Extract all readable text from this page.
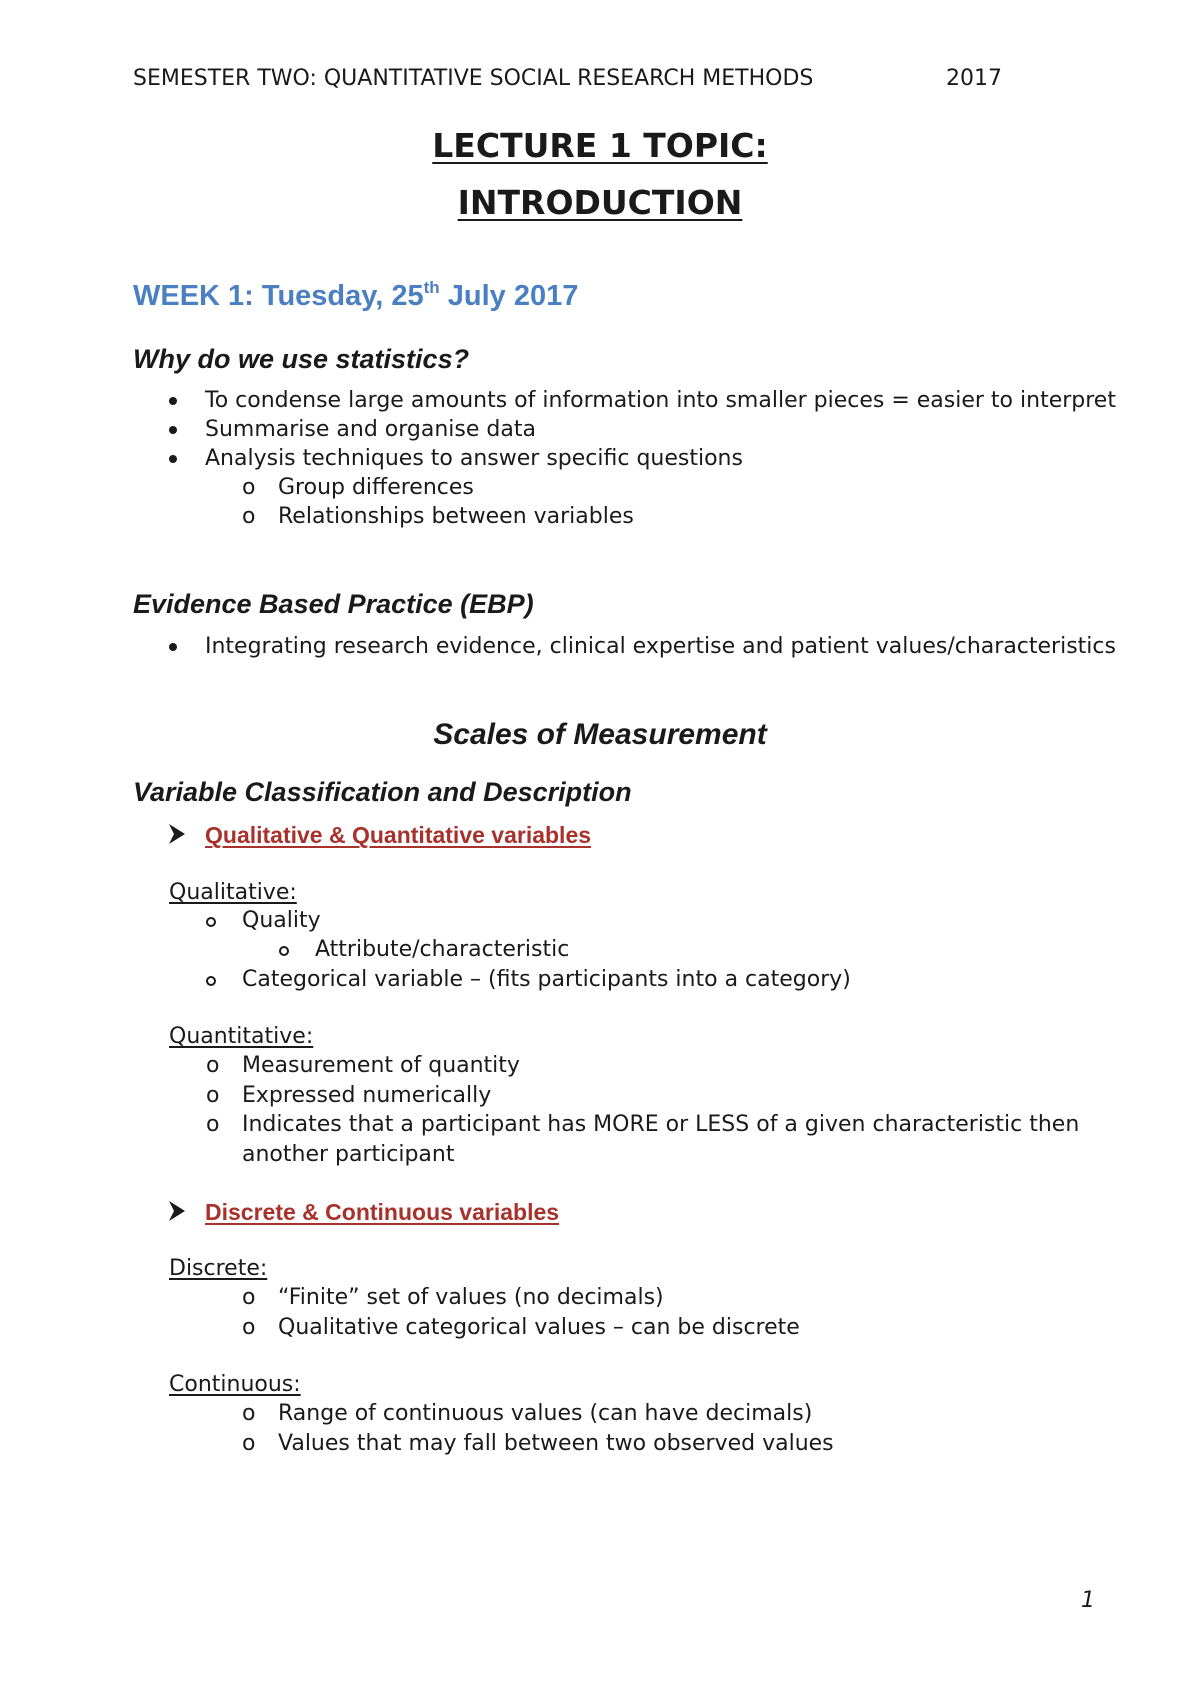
SEMESTER TWO: QUANTITATIVE SOCIAL RESEARCH METHODS	2017
LECTURE 1 TOPIC:
INTRODUCTION
WEEK 1: Tuesday, 25th July 2017
Why do we use statistics?
To condense large amounts of information into smaller pieces = easier to interpret
Summarise and organise data
Analysis techniques to answer specific questions
o Group differences
o Relationships between variables
Evidence Based Practice (EBP)
Integrating research evidence, clinical expertise and patient values/characteristics
Scales of Measurement
Variable Classification and Description
Qualitative & Quantitative variables
Qualitative:
Quality
Attribute/characteristic
Categorical variable – (fits participants into a category)
Quantitative:
o Measurement of quantity
o Expressed numerically
o Indicates that a participant has MORE or LESS of a given characteristic then
another participant
Discrete & Continuous variables
Discrete:
o “Finite” set of values (no decimals)
o Qualitative categorical values – can be discrete
Continuous:
o Range of continuous values (can have decimals)
o Values that may fall between two observed values
1
